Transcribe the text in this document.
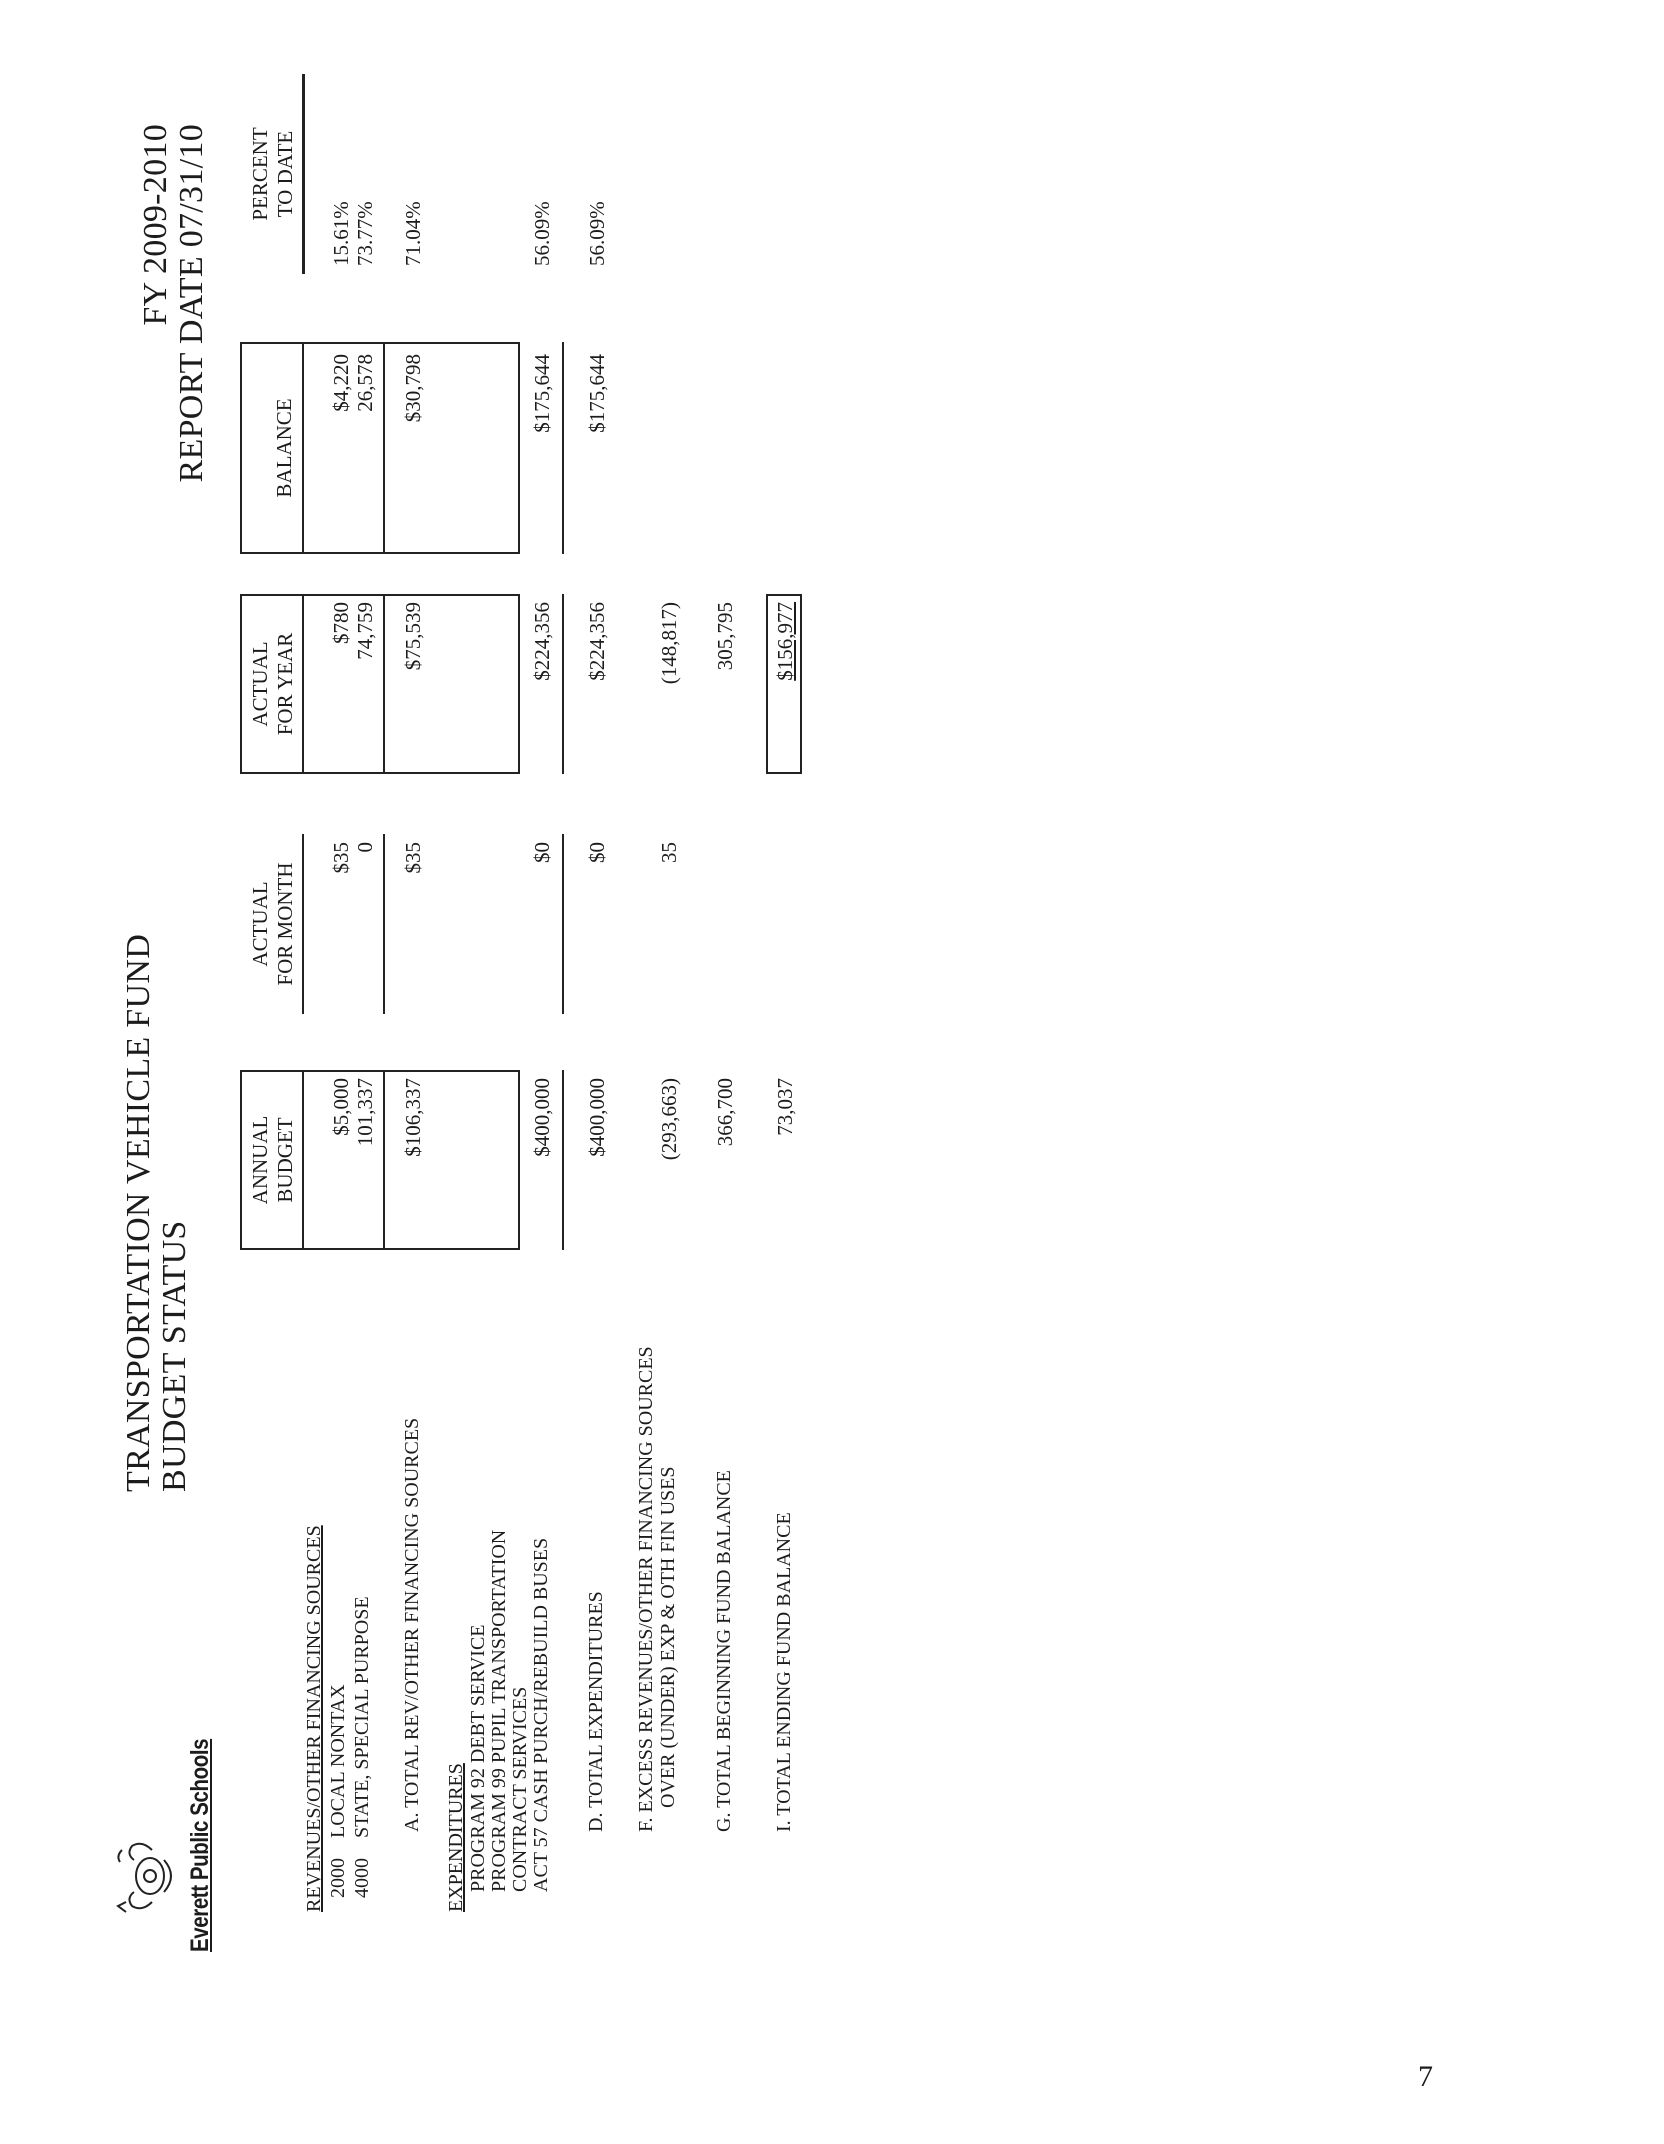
Everett Public Schools
TRANSPORTATION VEHICLE FUND BUDGET STATUS
FY 2009-2010 REPORT DATE 07/31/10
ANNUAL BUDGET
ACTUAL FOR MONTH
ACTUAL FOR YEAR
BALANCE
PERCENT TO DATE
REVENUES/OTHER FINANCING SOURCES 2000
LOCAL NONTAX
$5,000
$35
$780
$4,220
15.61%
4000
STATE, SPECIAL PURPOSE
101,337
0
74,759
26,578
73.77%
A. TOTAL REV/OTHER FINANCING SOURCES
$106,337
$35
$75,539
$30,798
71.04%
EXPENDITURES PROGRAM 92 DEBT SERVICE PROGRAM 99 PUPIL TRANSPORTATION CONTRACT SERVICES ACT 57 CASH PURCH/REBUILD BUSES
$400,000
$0
$224,356
$175,644
56.09%
D. TOTAL EXPENDITURES
$400,000
$0
$224,356
$175,644
56.09%
F. EXCESS REVENUES/OTHER FINANCING SOURCES OVER (UNDER) EXP & OTH FIN USES
(293,663)
35
(148,817)
G. TOTAL BEGINNING FUND BALANCE
366,700
305,795
I. TOTAL ENDING FUND BALANCE
73,037
$156,977
7
